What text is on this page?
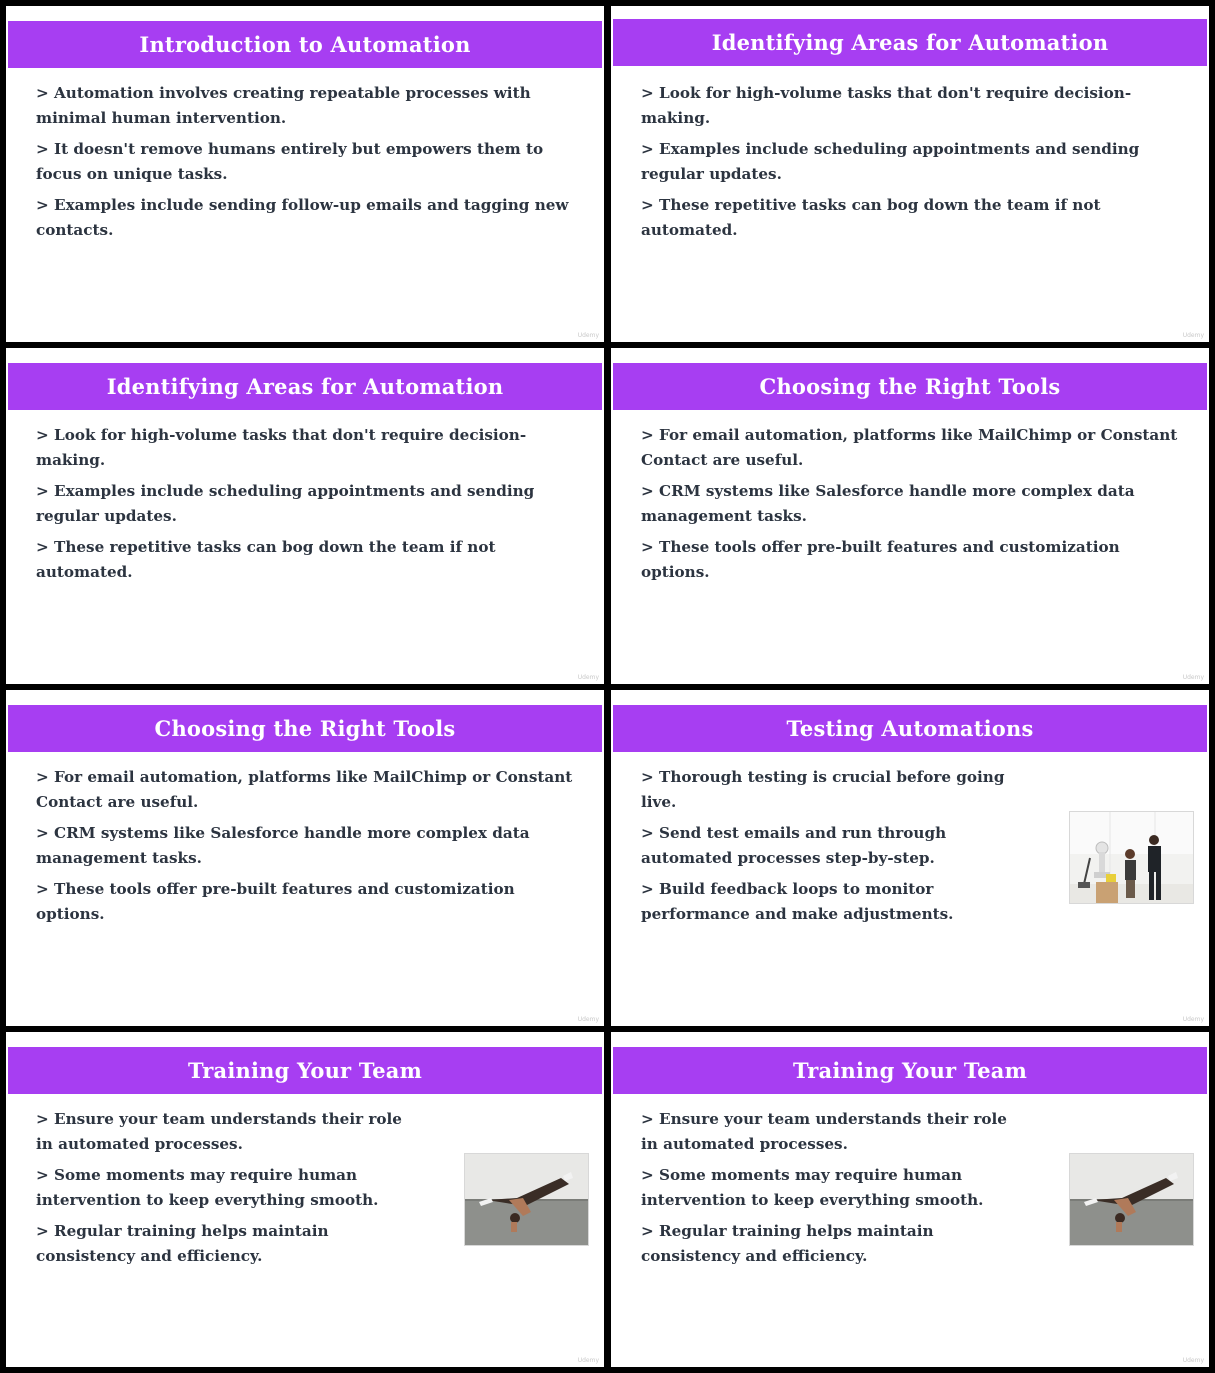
Introduction to Automation
> Automation involves creating repeatable processes with minimal human intervention.
> It doesn't remove humans entirely but empowers them to focus on unique tasks.
> Examples include sending follow-up emails and tagging new contacts.
Udemy
Identifying Areas for Automation
> Look for high-volume tasks that don't require decision-making.
> Examples include scheduling appointments and sending regular updates.
> These repetitive tasks can bog down the team if not automated.
Udemy
Identifying Areas for Automation
> Look for high-volume tasks that don't require decision-making.
> Examples include scheduling appointments and sending regular updates.
> These repetitive tasks can bog down the team if not automated.
Udemy
Choosing the Right Tools
> For email automation, platforms like MailChimp or Constant Contact are useful.
> CRM systems like Salesforce handle more complex data management tasks.
> These tools offer pre-built features and customization options.
Udemy
Choosing the Right Tools
> For email automation, platforms like MailChimp or Constant Contact are useful.
> CRM systems like Salesforce handle more complex data management tasks.
> These tools offer pre-built features and customization options.
Udemy
Testing Automations
> Thorough testing is crucial before going live.
> Send test emails and run through automated processes step-by-step.
> Build feedback loops to monitor performance and make adjustments.
Udemy
Training Your Team
> Ensure your team understands their role in automated processes.
> Some moments may require human intervention to keep everything smooth.
> Regular training helps maintain consistency and efficiency.
Udemy
Training Your Team
> Ensure your team understands their role in automated processes.
> Some moments may require human intervention to keep everything smooth.
> Regular training helps maintain consistency and efficiency.
Udemy
